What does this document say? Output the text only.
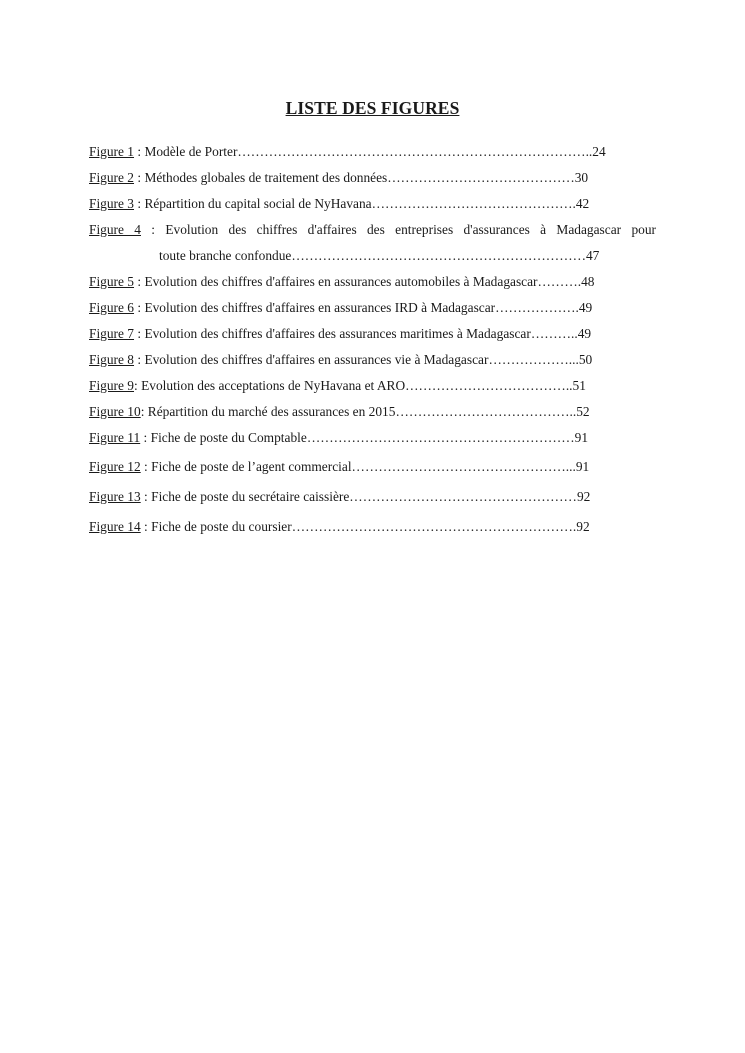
LISTE DES FIGURES
Figure 1 : Modèle de Porter……………………………………………………………………..24
Figure 2 : Méthodes globales de traitement des données……………………………………30
Figure 3 : Répartition du capital social de NyHavana……………………………………….42
Figure 4 : Evolution des chiffres d'affaires des entreprises d'assurances à Madagascar pour
toute branche confondue…………………………………………………………47
Figure 5 : Evolution des chiffres d'affaires en assurances automobiles à Madagascar……….48
Figure 6 : Evolution des chiffres d'affaires en assurances IRD à Madagascar……………….49
Figure 7 : Evolution des chiffres d'affaires des assurances maritimes à Madagascar………..49
Figure 8 : Evolution des chiffres d'affaires en assurances vie à Madagascar………………...50
Figure 9: Evolution des acceptations de NyHavana et ARO………………………………..51
Figure 10: Répartition du marché des assurances en 2015…………………………………..52
Figure 11 : Fiche de poste du Comptable……………………………………………………91
Figure 12 : Fiche de poste de l’agent commercial…………………………………………...91
Figure 13 : Fiche de poste du secrétaire caissière……………………………………………92
Figure 14 : Fiche de poste du coursier……………………………………………………….92
